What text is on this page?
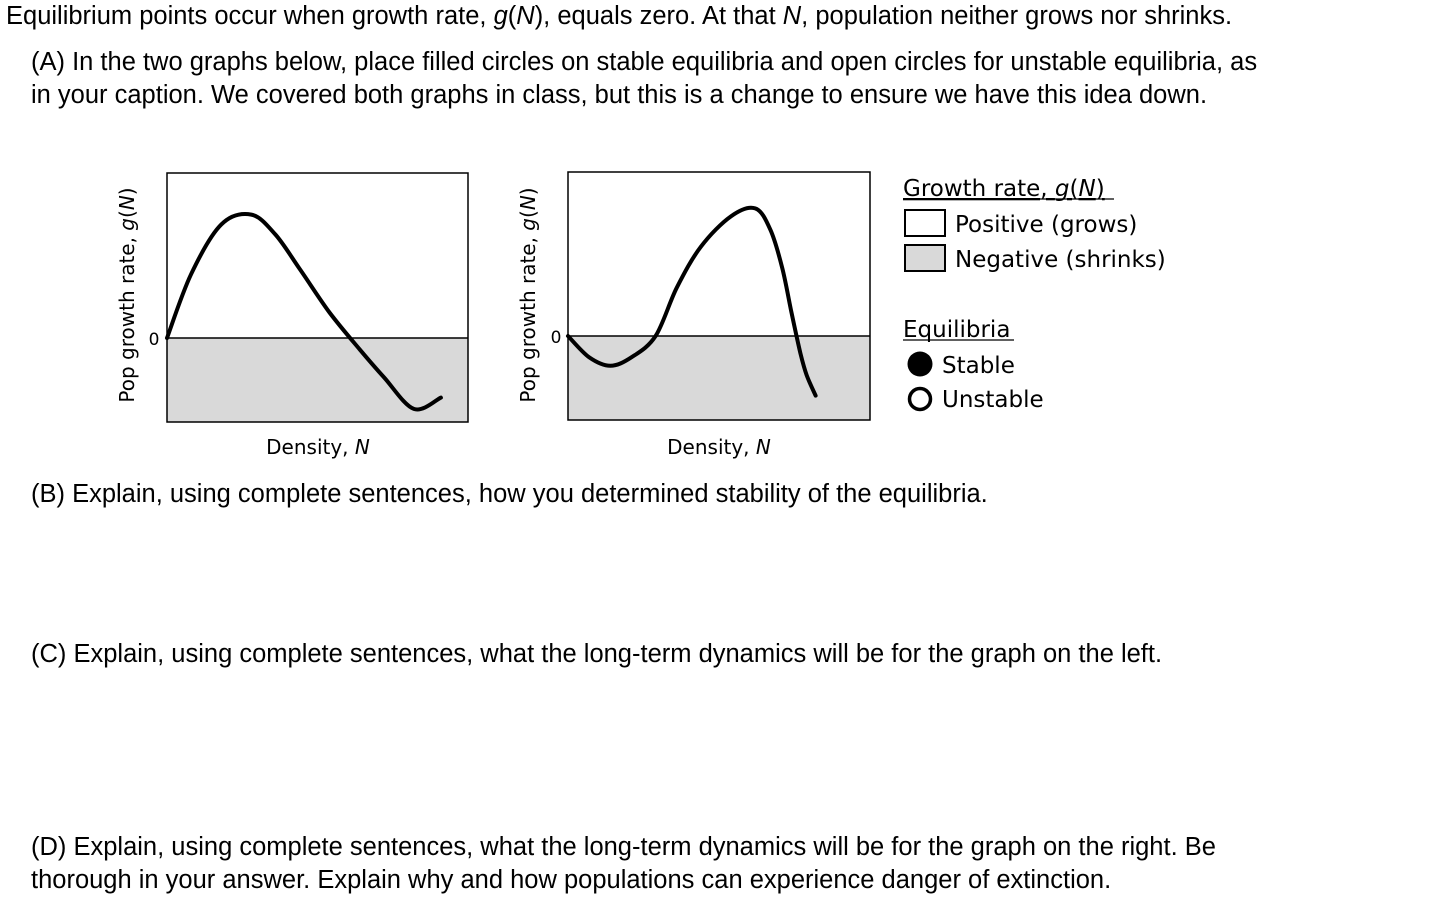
Equilibrium points occur when growth rate, g(N), equals zero. At that N, population neither grows nor shrinks.
(A) In the two graphs below, place filled circles on stable equilibria and open circles for unstable equilibria, as
in your caption. We covered both graphs in class, but this is a change to ensure we have this idea down.
0
Pop growth rate, g(N)
Density, N
0
Pop growth rate, g(N)
Density, N
Growth rate, g(N)
Positive (grows)
Negative (shrinks)
Equilibria
Stable
Unstable
(B) Explain, using complete sentences, how you determined stability of the equilibria.
(C) Explain, using complete sentences, what the long-term dynamics will be for the graph on the left.
(D) Explain, using complete sentences, what the long-term dynamics will be for the graph on the right. Be
thorough in your answer. Explain why and how populations can experience danger of extinction.
